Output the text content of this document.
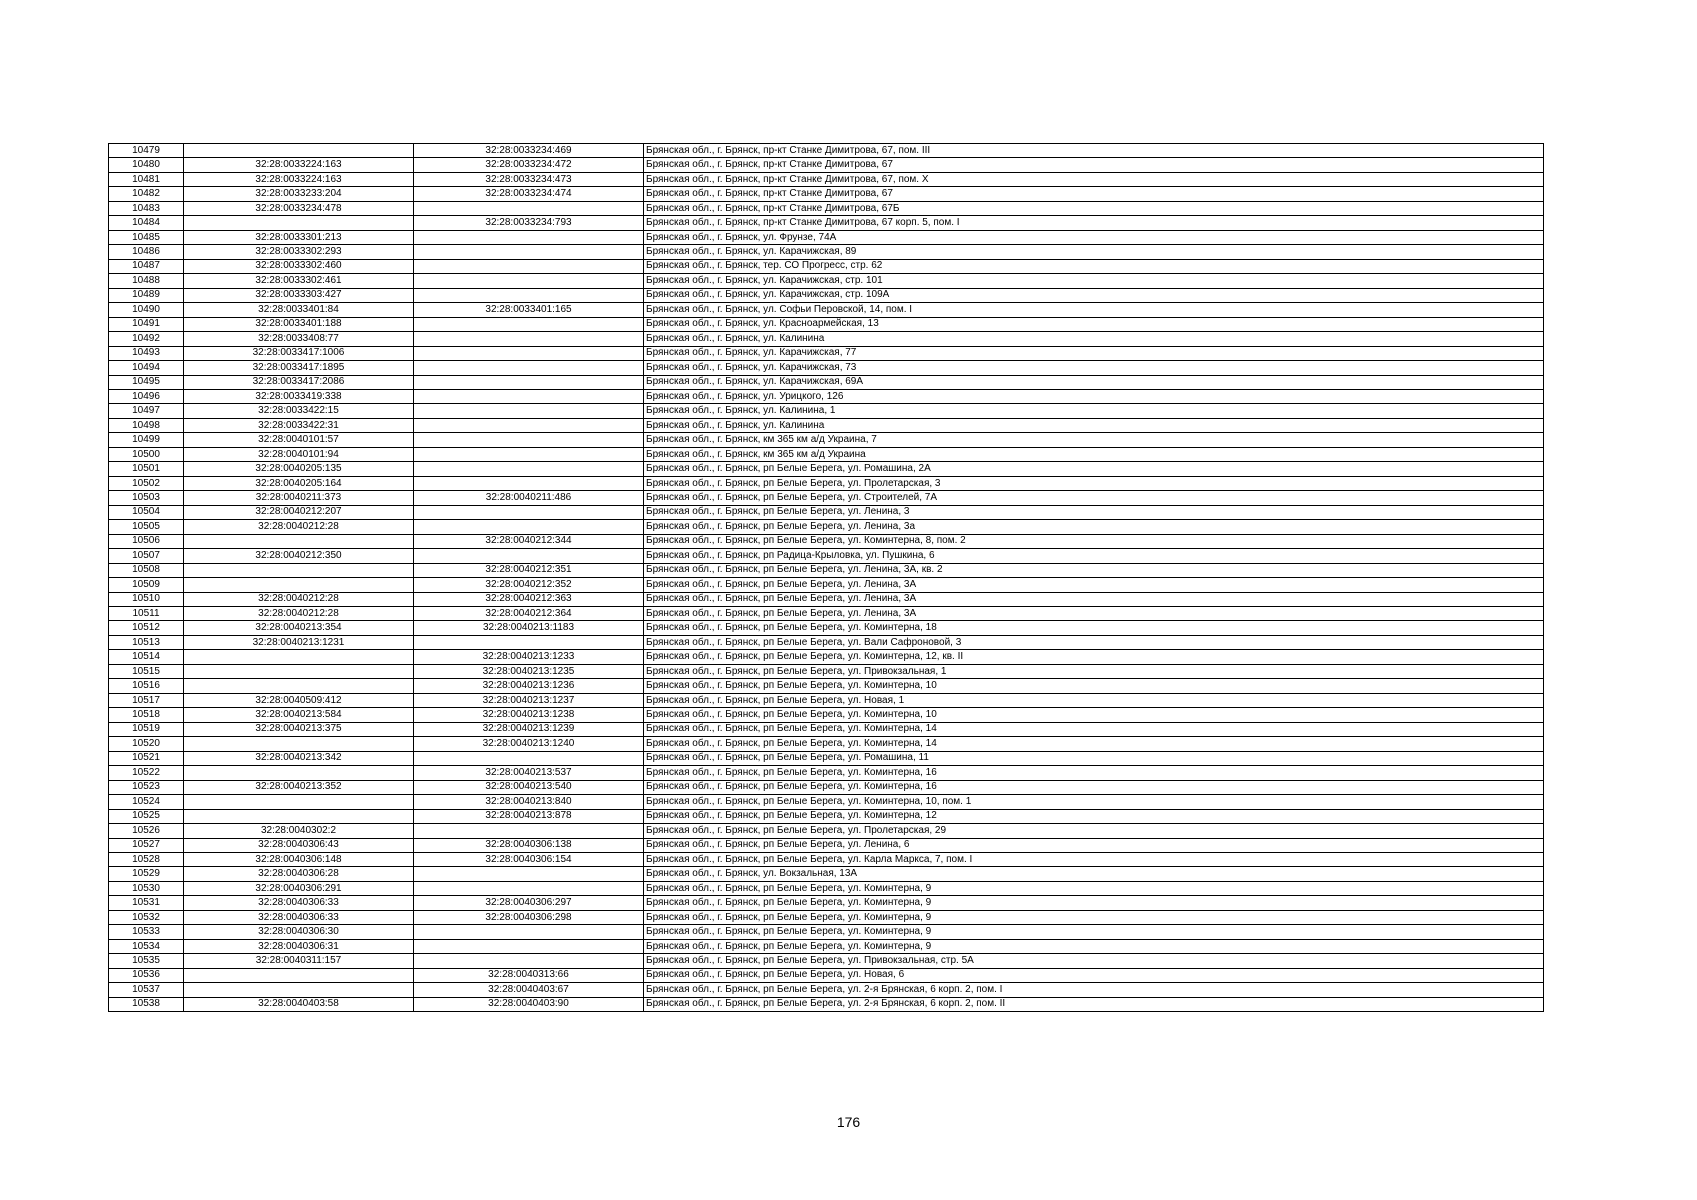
10479		32:28:0033234:469	Брянская обл., г. Брянск, пр-кт Станке Димитрова, 67, пом. III
10480	32:28:0033224:163	32:28:0033234:472	Брянская обл., г. Брянск, пр-кт Станке Димитрова, 67
10481	32:28:0033224:163	32:28:0033234:473	Брянская обл., г. Брянск, пр-кт Станке Димитрова, 67, пом. X
10482	32:28:0033233:204	32:28:0033234:474	Брянская обл., г. Брянск, пр-кт Станке Димитрова, 67
10483	32:28:0033234:478		Брянская обл., г. Брянск, пр-кт Станке Димитрова, 67Б
10484		32:28:0033234:793	Брянская обл., г. Брянск, пр-кт Станке Димитрова, 67 корп. 5, пом. I
10485	32:28:0033301:213		Брянская обл., г. Брянск, ул. Фрунзе, 74А
10486	32:28:0033302:293		Брянская обл., г. Брянск, ул. Карачижская, 89
10487	32:28:0033302:460		Брянская обл., г. Брянск, тер. СО Прогресс, стр. 62
10488	32:28:0033302:461		Брянская обл., г. Брянск, ул. Карачижская, стр. 101
10489	32:28:0033303:427		Брянская обл., г. Брянск, ул. Карачижская, стр. 109А
10490	32:28:0033401:84	32:28:0033401:165	Брянская обл., г. Брянск, ул. Софьи Перовской, 14, пом. I
10491	32:28:0033401:188		Брянская обл., г. Брянск, ул. Красноармейская, 13
10492	32:28:0033408:77		Брянская обл., г. Брянск, ул. Калинина
10493	32:28:0033417:1006		Брянская обл., г. Брянск, ул. Карачижская, 77
10494	32:28:0033417:1895		Брянская обл., г. Брянск, ул. Карачижская, 73
10495	32:28:0033417:2086		Брянская обл., г. Брянск, ул. Карачижская, 69А
10496	32:28:0033419:338		Брянская обл., г. Брянск, ул. Урицкого, 126
10497	32:28:0033422:15		Брянская обл., г. Брянск, ул. Калинина, 1
10498	32:28:0033422:31		Брянская обл., г. Брянск, ул. Калинина
10499	32:28:0040101:57		Брянская обл., г. Брянск, км 365 км а/д Украина, 7
10500	32:28:0040101:94		Брянская обл., г. Брянск, км 365 км а/д Украина
10501	32:28:0040205:135		Брянская обл., г. Брянск, рп Белые Берега, ул. Ромашина, 2А
10502	32:28:0040205:164		Брянская обл., г. Брянск, рп Белые Берега, ул. Пролетарская, 3
10503	32:28:0040211:373	32:28:0040211:486	Брянская обл., г. Брянск, рп Белые Берега, ул. Строителей, 7А
10504	32:28:0040212:207		Брянская обл., г. Брянск, рп Белые Берега, ул. Ленина, 3
10505	32:28:0040212:28		Брянская обл., г. Брянск, рп Белые Берега, ул. Ленина, 3а
10506		32:28:0040212:344	Брянская обл., г. Брянск, рп Белые Берега, ул. Коминтерна, 8, пом. 2
10507	32:28:0040212:350		Брянская обл., г. Брянск, рп Радица-Крыловка, ул. Пушкина, 6
10508		32:28:0040212:351	Брянская обл., г. Брянск, рп Белые Берега, ул. Ленина, 3А, кв. 2
10509		32:28:0040212:352	Брянская обл., г. Брянск, рп Белые Берега, ул. Ленина, 3А
10510	32:28:0040212:28	32:28:0040212:363	Брянская обл., г. Брянск, рп Белые Берега, ул. Ленина, 3А
10511	32:28:0040212:28	32:28:0040212:364	Брянская обл., г. Брянск, рп Белые Берега, ул. Ленина, 3А
10512	32:28:0040213:354	32:28:0040213:1183	Брянская обл., г. Брянск, рп Белые Берега, ул. Коминтерна, 18
10513	32:28:0040213:1231		Брянская обл., г. Брянск, рп Белые Берега, ул. Вали Сафроновой, 3
10514		32:28:0040213:1233	Брянская обл., г. Брянск, рп Белые Берега, ул. Коминтерна, 12, кв. II
10515		32:28:0040213:1235	Брянская обл., г. Брянск, рп Белые Берега, ул. Привокзальная, 1
10516		32:28:0040213:1236	Брянская обл., г. Брянск, рп Белые Берега, ул. Коминтерна, 10
10517	32:28:0040509:412	32:28:0040213:1237	Брянская обл., г. Брянск, рп Белые Берега, ул. Новая, 1
10518	32:28:0040213:584	32:28:0040213:1238	Брянская обл., г. Брянск, рп Белые Берега, ул. Коминтерна, 10
10519	32:28:0040213:375	32:28:0040213:1239	Брянская обл., г. Брянск, рп Белые Берега, ул. Коминтерна, 14
10520		32:28:0040213:1240	Брянская обл., г. Брянск, рп Белые Берега, ул. Коминтерна, 14
10521	32:28:0040213:342		Брянская обл., г. Брянск, рп Белые Берега, ул. Ромашина, 11
10522		32:28:0040213:537	Брянская обл., г. Брянск, рп Белые Берега, ул. Коминтерна, 16
10523	32:28:0040213:352	32:28:0040213:540	Брянская обл., г. Брянск, рп Белые Берега, ул. Коминтерна, 16
10524		32:28:0040213:840	Брянская обл., г. Брянск, рп Белые Берега, ул. Коминтерна, 10, пом. 1
10525		32:28:0040213:878	Брянская обл., г. Брянск, рп Белые Берега, ул. Коминтерна, 12
10526	32:28:0040302:2		Брянская обл., г. Брянск, рп Белые Берега, ул. Пролетарская, 29
10527	32:28:0040306:43	32:28:0040306:138	Брянская обл., г. Брянск, рп Белые Берега, ул. Ленина, 6
10528	32:28:0040306:148	32:28:0040306:154	Брянская обл., г. Брянск, рп Белые Берега, ул. Карла Маркса, 7, пом. I
10529	32:28:0040306:28		Брянская обл., г. Брянск, ул. Вокзальная, 13А
10530	32:28:0040306:291		Брянская обл., г. Брянск, рп Белые Берега, ул. Коминтерна, 9
10531	32:28:0040306:33	32:28:0040306:297	Брянская обл., г. Брянск, рп Белые Берега, ул. Коминтерна, 9
10532	32:28:0040306:33	32:28:0040306:298	Брянская обл., г. Брянск, рп Белые Берега, ул. Коминтерна, 9
10533	32:28:0040306:30		Брянская обл., г. Брянск, рп Белые Берега, ул. Коминтерна, 9
10534	32:28:0040306:31		Брянская обл., г. Брянск, рп Белые Берега, ул. Коминтерна, 9
10535	32:28:0040311:157		Брянская обл., г. Брянск, рп Белые Берега, ул. Привокзальная, стр. 5А
10536		32:28:0040313:66	Брянская обл., г. Брянск, рп Белые Берега, ул. Новая, 6
10537		32:28:0040403:67	Брянская обл., г. Брянск, рп Белые Берега, ул. 2-я Брянская, 6 корп. 2, пом. I
10538	32:28:0040403:58	32:28:0040403:90	Брянская обл., г. Брянск, рп Белые Берега, ул. 2-я Брянская, 6 корп. 2, пом. II
176
